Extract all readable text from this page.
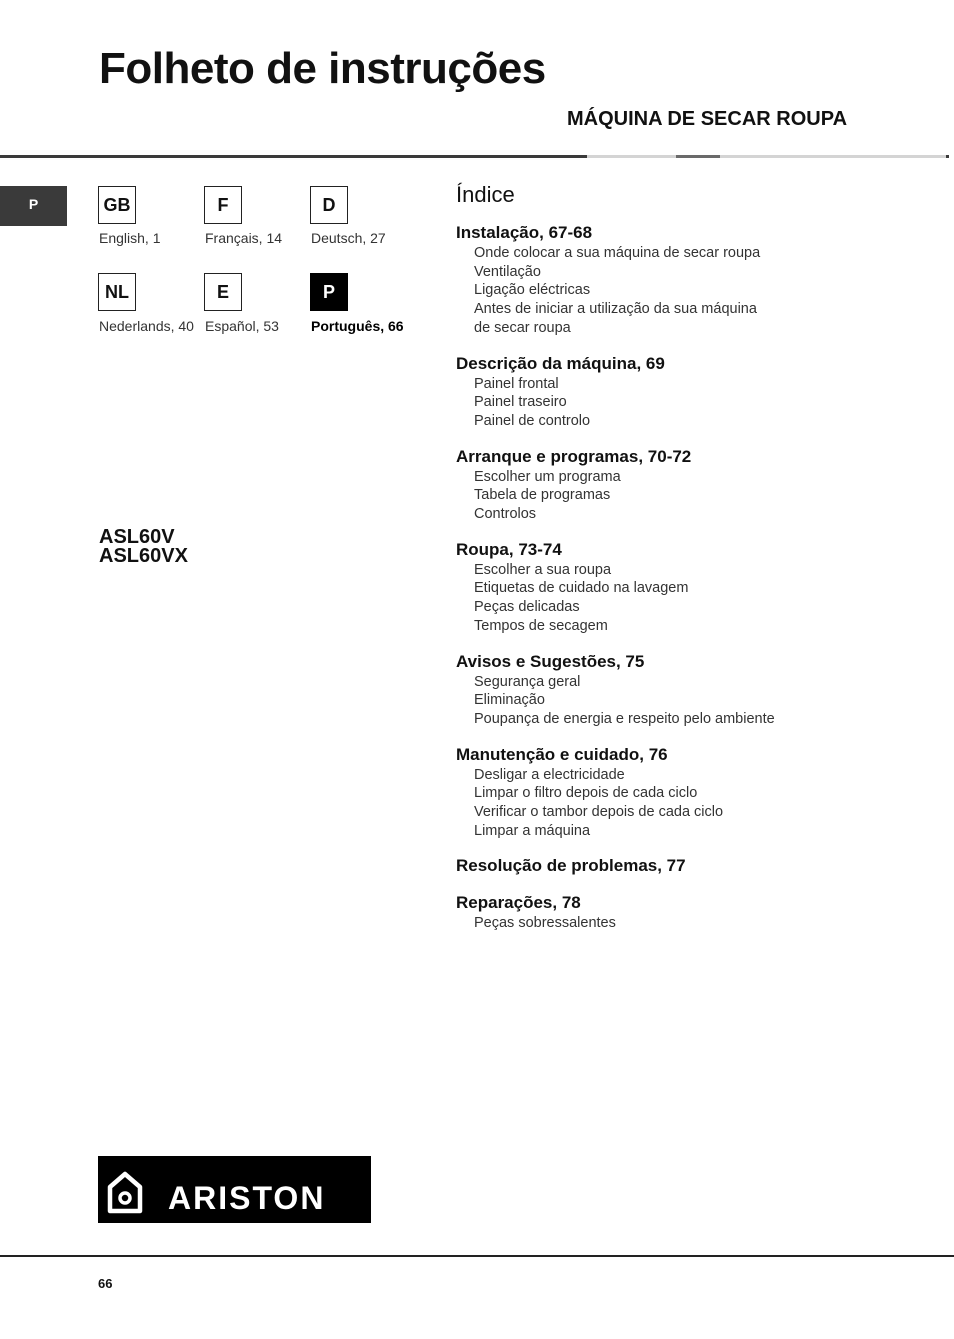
Folheto de instruções
MÁQUINA DE SECAR ROUPA
P	GB
English, 1
F
Français, 14
D
Deutsch, 27
NL
Nederlands, 40
E
Español, 53
P
Português, 66
ASL60V
ASL60VX
Índice
Instalação, 67-68
Onde colocar a sua máquina de secar roupa
Ventilação
Ligação eléctricas
Antes de iniciar a utilização da sua máquina
de secar roupa
Descrição da máquina, 69
Painel frontal
Painel traseiro
Painel de controlo
Arranque e programas, 70-72
Escolher um programa
Tabela de programas
Controlos
Roupa, 73-74
Escolher a sua roupa
Etiquetas de cuidado na lavagem
Peças delicadas
Tempos de secagem
Avisos e Sugestões, 75
Segurança geral
Eliminação
Poupança de energia e respeito pelo ambiente
Manutenção e cuidado, 76
Desligar a electricidade
Limpar o filtro depois de cada ciclo
Verificar o tambor depois de cada ciclo
Limpar a máquina
Resolução de problemas, 77
Reparações, 78
Peças sobressalentes
ARISTON
66
